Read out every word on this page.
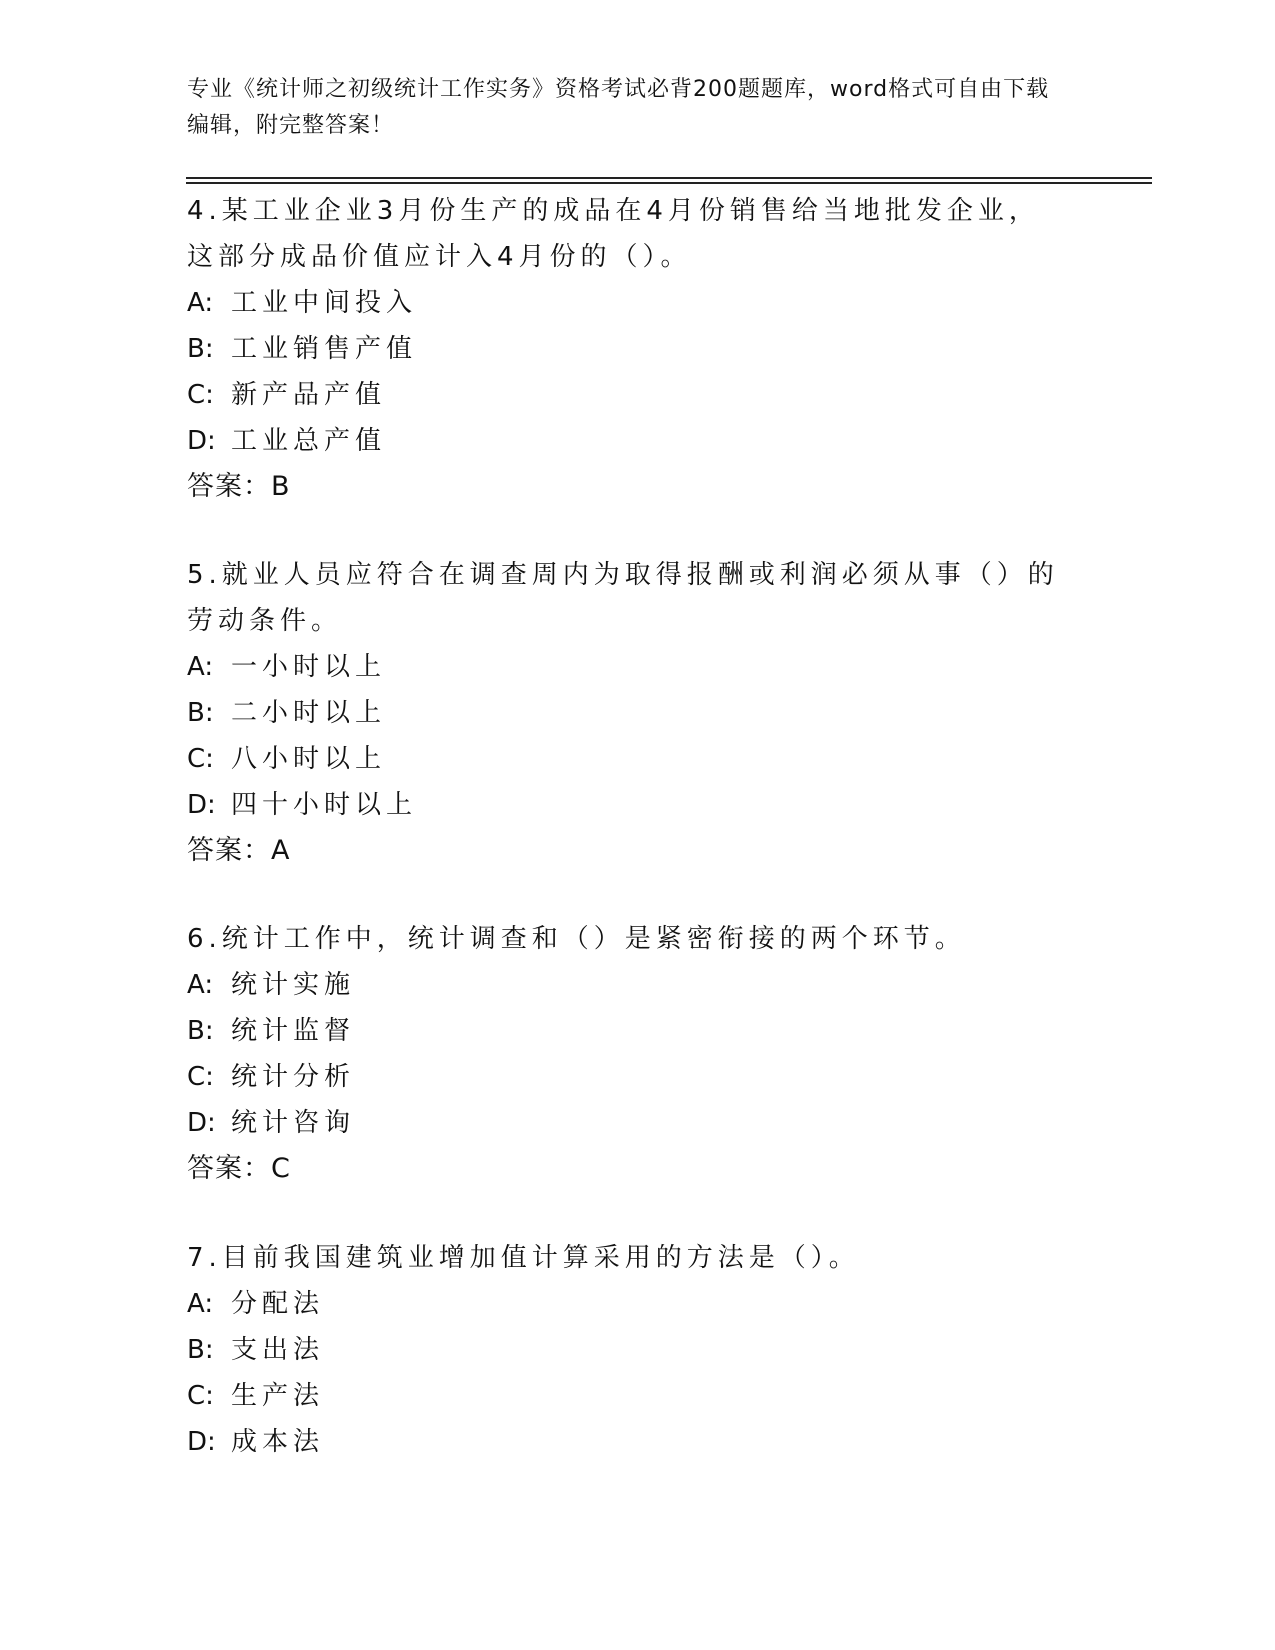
专业《统计师之初级统计工作实务》资格考试必背200题题库，word格式可自由下载编辑，附完整答案！

4.某工业企业3月份生产的成品在4月份销售给当地批发企业，这部分成品价值应计入4月份的（）。

A: 工业中间投入

B: 工业销售产值

C: 新产品产值

D: 工业总产值

答案：B

5.就业人员应符合在调查周内为取得报酬或利润必须从事（）的劳动条件。

A: 一小时以上

B: 二小时以上

C: 八小时以上

D: 四十小时以上

答案：A

6.统计工作中，统计调查和（）是紧密衔接的两个环节。

A: 统计实施

B: 统计监督

C: 统计分析

D: 统计咨询

答案：C

7.目前我国建筑业增加值计算采用的方法是（）。

A: 分配法

B: 支出法

C: 生产法

D: 成本法
